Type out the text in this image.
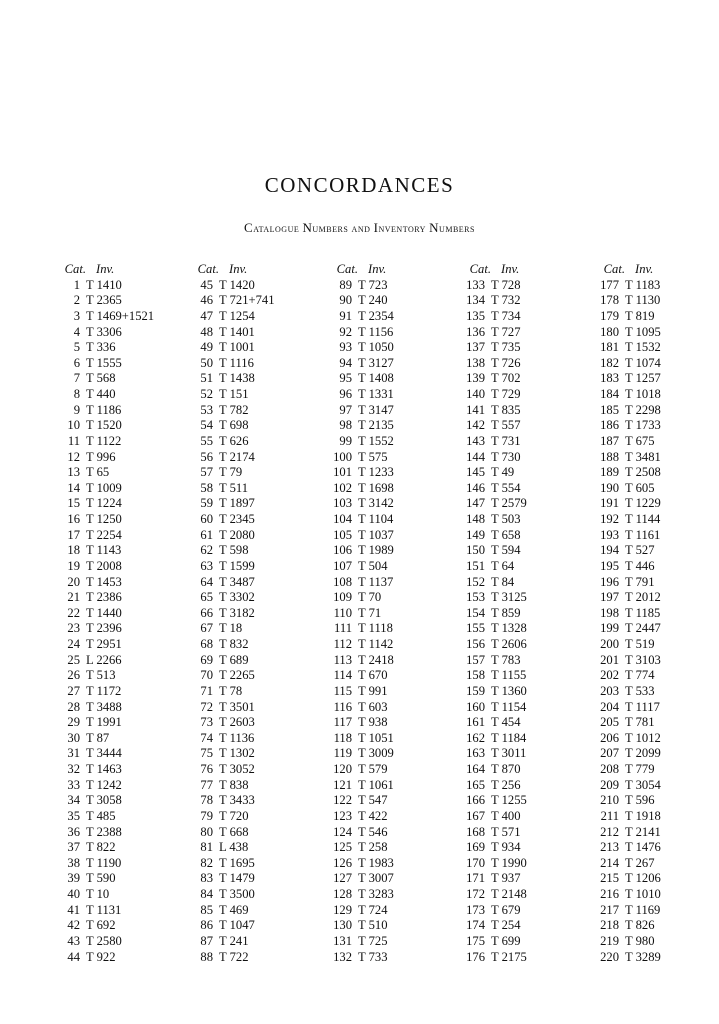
CONCORDANCES
Catalogue Numbers and Inventory Numbers
Cat. Inv.
1 T 1410
2 T 2365
3 T 1469+1521
4 T 3306
5 T 336
6 T 1555
7 T 568
8 T 440
9 T 1186
10 T 1520
11 T 1122
12 T 996
13 T 65
14 T 1009
15 T 1224
16 T 1250
17 T 2254
18 T 1143
19 T 2008
20 T 1453
21 T 2386
22 T 1440
23 T 2396
24 T 2951
25 L 2266
26 T 513
27 T 1172
28 T 3488
29 T 1991
30 T 87
31 T 3444
32 T 1463
33 T 1242
34 T 3058
35 T 485
36 T 2388
37 T 822
38 T 1190
39 T 590
40 T 10
41 T 1131
42 T 692
43 T 2580
44 T 922
Cat. Inv.
45 T 1420
46 T 721+741
47 T 1254
48 T 1401
49 T 1001
50 T 1116
51 T 1438
52 T 151
53 T 782
54 T 698
55 T 626
56 T 2174
57 T 79
58 T 511
59 T 1897
60 T 2345
61 T 2080
62 T 598
63 T 1599
64 T 3487
65 T 3302
66 T 3182
67 T 18
68 T 832
69 T 689
70 T 2265
71 T 78
72 T 3501
73 T 2603
74 T 1136
75 T 1302
76 T 3052
77 T 838
78 T 3433
79 T 720
80 T 668
81 L 438
82 T 1695
83 T 1479
84 T 3500
85 T 469
86 T 1047
87 T 241
88 T 722
Cat. Inv.
89 T 723
90 T 240
91 T 2354
92 T 1156
93 T 1050
94 T 3127
95 T 1408
96 T 1331
97 T 3147
98 T 2135
99 T 1552
100 T 575
101 T 1233
102 T 1698
103 T 3142
104 T 1104
105 T 1037
106 T 1989
107 T 504
108 T 1137
109 T 70
110 T 71
111 T 1118
112 T 1142
113 T 2418
114 T 670
115 T 991
116 T 603
117 T 938
118 T 1051
119 T 3009
120 T 579
121 T 1061
122 T 547
123 T 422
124 T 546
125 T 258
126 T 1983
127 T 3007
128 T 3283
129 T 724
130 T 510
131 T 725
132 T 733
Cat. Inv.
133 T 728
134 T 732
135 T 734
136 T 727
137 T 735
138 T 726
139 T 702
140 T 729
141 T 835
142 T 557
143 T 731
144 T 730
145 T 49
146 T 554
147 T 2579
148 T 503
149 T 658
150 T 594
151 T 64
152 T 84
153 T 3125
154 T 859
155 T 1328
156 T 2606
157 T 783
158 T 1155
159 T 1360
160 T 1154
161 T 454
162 T 1184
163 T 3011
164 T 870
165 T 256
166 T 1255
167 T 400
168 T 571
169 T 934
170 T 1990
171 T 937
172 T 2148
173 T 679
174 T 254
175 T 699
176 T 2175
Cat. Inv.
177 T 1183
178 T 1130
179 T 819
180 T 1095
181 T 1532
182 T 1074
183 T 1257
184 T 1018
185 T 2298
186 T 1733
187 T 675
188 T 3481
189 T 2508
190 T 605
191 T 1229
192 T 1144
193 T 1161
194 T 527
195 T 446
196 T 791
197 T 2012
198 T 1185
199 T 2447
200 T 519
201 T 3103
202 T 774
203 T 533
204 T 1117
205 T 781
206 T 1012
207 T 2099
208 T 779
209 T 3054
210 T 596
211 T 1918
212 T 2141
213 T 1476
214 T 267
215 T 1206
216 T 1010
217 T 1169
218 T 826
219 T 980
220 T 3289
